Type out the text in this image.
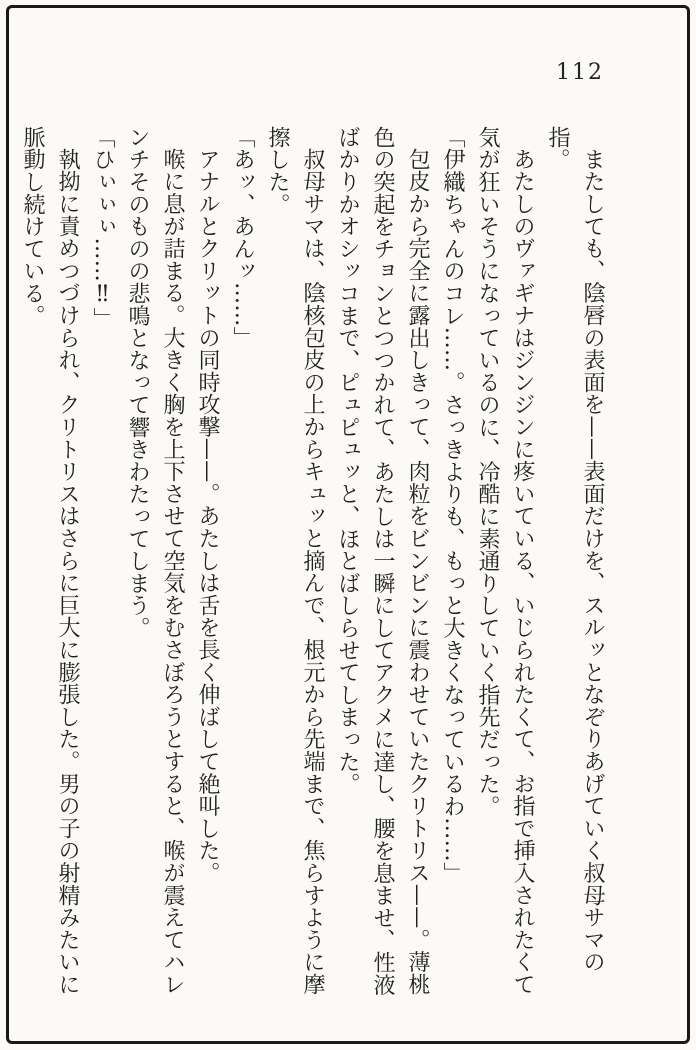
112

またしても、陰唇の表面を——表面だけを、スルッとなぞりあげていく叔母サマの指。

あたしのヴァギナはジンジンに疼いている、いじられたくて、お指で挿入されたくて気が狂いそうになっているのに、冷酷に素通りしていく指先だった。

「伊織ちゃんのコレ……。さっきよりも、もっと大きくなっているわ……」

包皮から完全に露出しきって、肉粒をビンビンに震わせていたクリトリス——。薄桃色の突起をチョンとつつかれて、あたしは一瞬にしてアクメに達し、腰を息ませ、性液ばかりかオシッコまで、ピュピュッと、ほとばしらせてしまった。

叔母サマは、陰核包皮の上からキュッと摘んで、根元から先端まで、焦らすように摩擦した。

「あッ、あんッ……」

アナルとクリットの同時攻撃——。あたしは舌を長く伸ばして絶叫した。

喉に息が詰まる。大きく胸を上下させて空気をむさぼろうとすると、喉が震えてハレンチそのものの悲鳴となって響きわたってしまう。

「ひぃぃぃ……‼」

執拗に責めつづけられ、クリトリスはさらに巨大に膨張した。男の子の射精みたいに脈動し続けている。
